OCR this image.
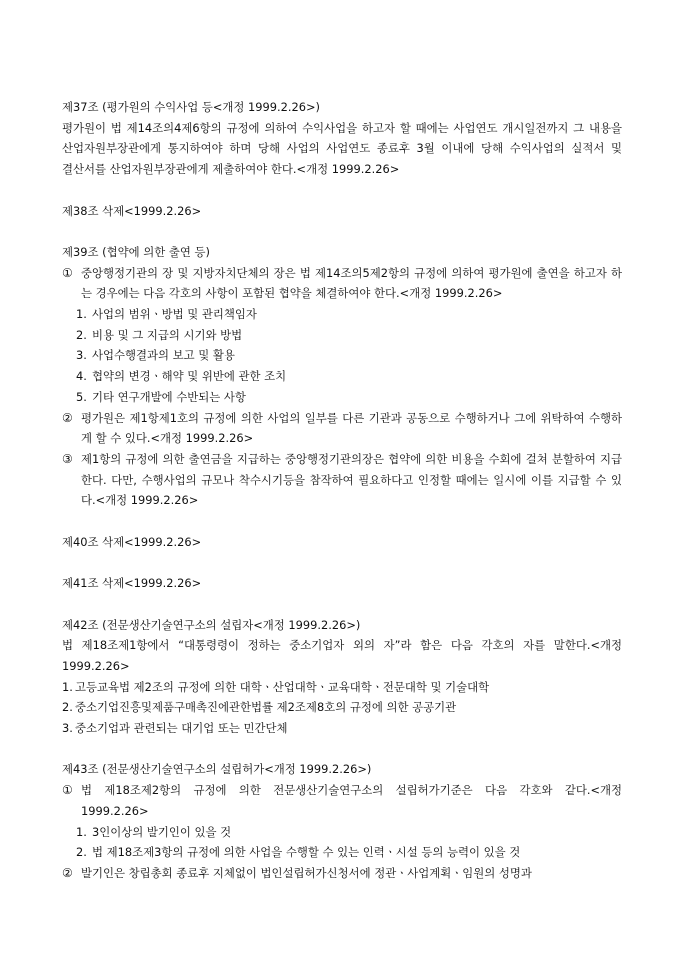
제37조 (평가원의 수익사업 등<개정 1999.2.26>)

평가원이 법 제14조의4제6항의 규정에 의하여 수익사업을 하고자 할 때에는 사업연도 개시일전까지 그 내용을 산업자원부장관에게 통지하여야 하며 당해 사업의 사업연도 종료후 3월 이내에 당해 수익사업의 실적서 및 결산서를 산업자원부장관에게 제출하여야 한다.<개정 1999.2.26>

제38조 삭제<1999.2.26>

제39조 (협약에 의한 출연 등)

① 중앙행정기관의 장 및 지방자치단체의 장은 법 제14조의5제2항의 규정에 의하여 평가원에 출연을 하고자 하는 경우에는 다음 각호의 사항이 포함된 협약을 체결하여야 한다.<개정 1999.2.26>
1. 사업의 범위ㆍ방법 및 관리책임자
2. 비용 및 그 지급의 시기와 방법
3. 사업수행결과의 보고 및 활용
4. 협약의 변경ㆍ해약 및 위반에 관한 조치
5. 기타 연구개발에 수반되는 사항
② 평가원은 제1항제1호의 규정에 의한 사업의 일부를 다른 기관과 공동으로 수행하거나 그에 위탁하여 수행하게 할 수 있다.<개정 1999.2.26>
③ 제1항의 규정에 의한 출연금을 지급하는 중앙행정기관의장은 협약에 의한 비용을 수회에 걸쳐 분할하여 지급한다. 다만, 수행사업의 규모나 착수시기등을 참작하여 필요하다고 인정할 때에는 일시에 이를 지급할 수 있다.<개정 1999.2.26>

제40조 삭제<1999.2.26>

제41조 삭제<1999.2.26>

제42조 (전문생산기술연구소의 설립자<개정 1999.2.26>)

법 제18조제1항에서 “대통령령이 정하는 중소기업자 외의 자”라 함은 다음 각호의 자를 말한다.<개정 1999.2.26>

1. 고등교육법 제2조의 규정에 의한 대학ㆍ산업대학ㆍ교육대학ㆍ전문대학 및 기술대학
2. 중소기업진흥및제품구매촉진에관한법률 제2조제8호의 규정에 의한 공공기관
3. 중소기업과 관련되는 대기업 또는 민간단체

제43조 (전문생산기술연구소의 설립허가<개정 1999.2.26>)

① 법 제18조제2항의 규정에 의한 전문생산기술연구소의 설립허가기준은 다음 각호와 같다.<개정 1999.2.26>
1. 3인이상의 발기인이 있을 것
2. 법 제18조제3항의 규정에 의한 사업을 수행할 수 있는 인력ㆍ시설 등의 능력이 있을 것
② 발기인은 창립총회 종료후 지체없이 법인설립허가신청서에 정관ㆍ사업계획ㆍ임원의 성명과
